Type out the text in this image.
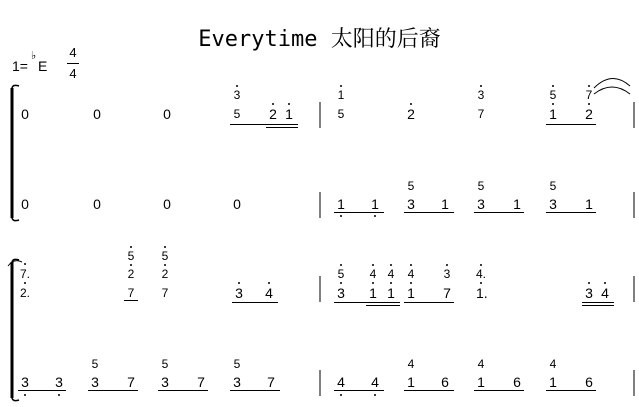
Everytime 太阳的后裔
1=
♭
E
4
4
0	0	0
3
5 2 1
1
5	2
3
7
5
1
7
2
0	0	0	0	1 1
5
3 1
5
3 1
5
3 1
7.
2.
5
2
7
5
2
7	3 4
5
3
4
1
4
1
4
1
3
7
4.
1.	3 4
3 3
5
3 7
5
3 7
5
3 7	4 4
4
1 6
4
1 6
4
1 6
